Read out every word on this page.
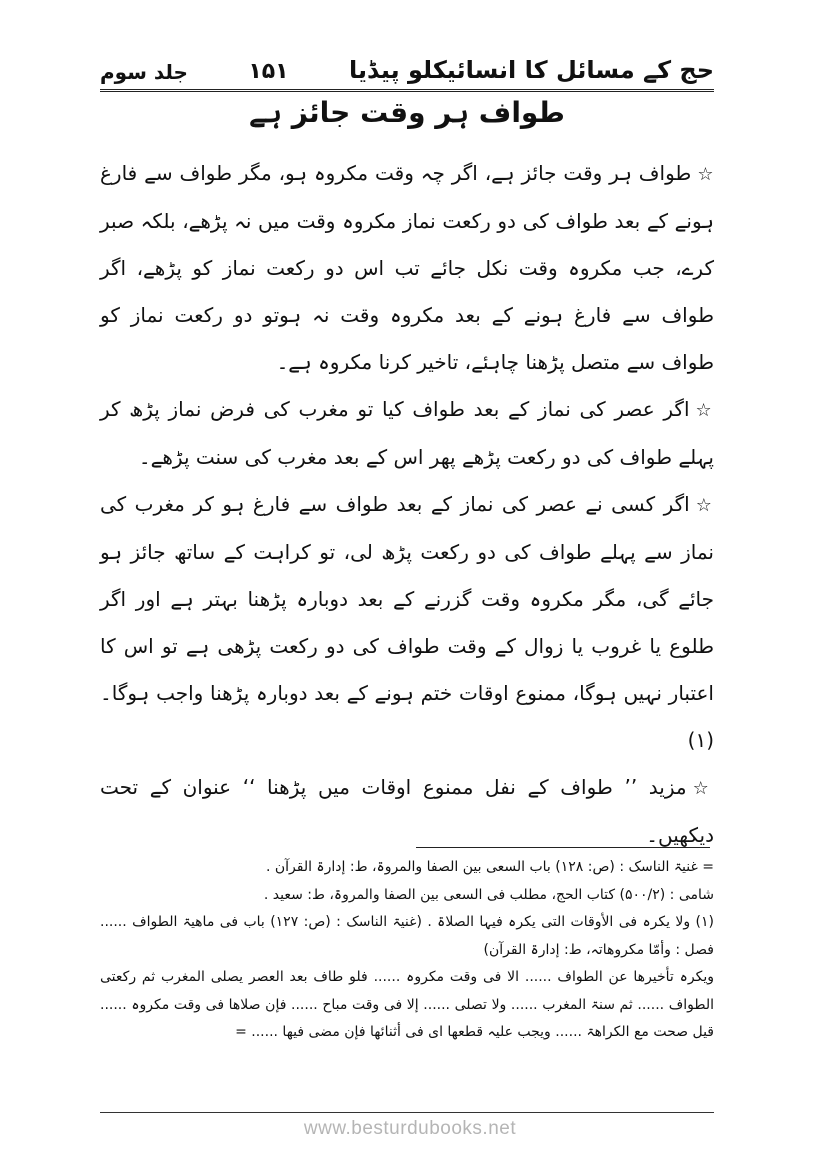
حج کے مسائل کا انسائیکلو پیڈیا
۱۵۱
جلد سوم
طواف ہر وقت جائز ہے

☆طواف ہر وقت جائز ہے، اگر چہ وقت مکروہ ہو، مگر طواف سے فارغ ہونے کے بعد طواف کی دو رکعت نماز مکروہ وقت میں نہ پڑھے، بلکہ صبر کرے، جب مکروہ وقت نکل جائے تب اس دو رکعت نماز کو پڑھے، اگر طواف سے فارغ ہونے کے بعد مکروہ وقت نہ ہوتو دو رکعت نماز کو طواف سے متصل پڑھنا چاہئے، تاخیر کرنا مکروہ ہے۔

☆اگر عصر کی نماز کے بعد طواف کیا تو مغرب کی فرض نماز پڑھ کر پہلے طواف کی دو رکعت پڑھے پھر اس کے بعد مغرب کی سنت پڑھے۔

☆اگر کسی نے عصر کی نماز کے بعد طواف سے فارغ ہو کر مغرب کی نماز سے پہلے طواف کی دو رکعت پڑھ لی، تو کراہت کے ساتھ جائز ہو جائے گی، مگر مکروہ وقت گزرنے کے بعد دوبارہ پڑھنا بہتر ہے اور اگر طلوع یا غروب یا زوال کے وقت طواف کی دو رکعت پڑھی ہے تو اس کا اعتبار نہیں ہوگا، ممنوع اوقات ختم ہونے کے بعد دوبارہ پڑھنا واجب ہوگا۔(۱)

☆مزید ’’ طواف کے نفل ممنوع اوقات میں پڑھنا ‘‘ عنوان کے تحت دیکھیں۔

= غنیۃ الناسک : (ص: ۱۲۸) باب السعی بین الصفا والمروۃ، ط: إدارۃ القرآن .

شامی : (۵۰۰/۲) کتاب الحج، مطلب فی السعی بین الصفا والمروۃ، ط: سعید .

(۱) ولا یکرہ فی الأوقات التی یکرہ فیہا الصلاۃ . (غنیۃ الناسک : (ص: ۱۲۷) باب فی ماھیۃ الطواف ...... فصل : وأمّا مکروھاتہ، ط: إدارۃ القرآن)

ویکرہ تأخیرھا عن الطواف ...... الا فی وقت مکروہ ...... فلو طاف بعد العصر یصلی المغرب ثم رکعتی الطواف ...... ثم سنۃ المغرب ...... ولا تصلی ...... إلا فی وقت مباح ...... فإن صلاھا فی وقت مکروہ ...... قیل صحت مع الکراھۃ ...... ویجب علیہ قطعھا ای فی أثنائھا فإن مضی فیھا ...... =

www.besturdubooks.net
